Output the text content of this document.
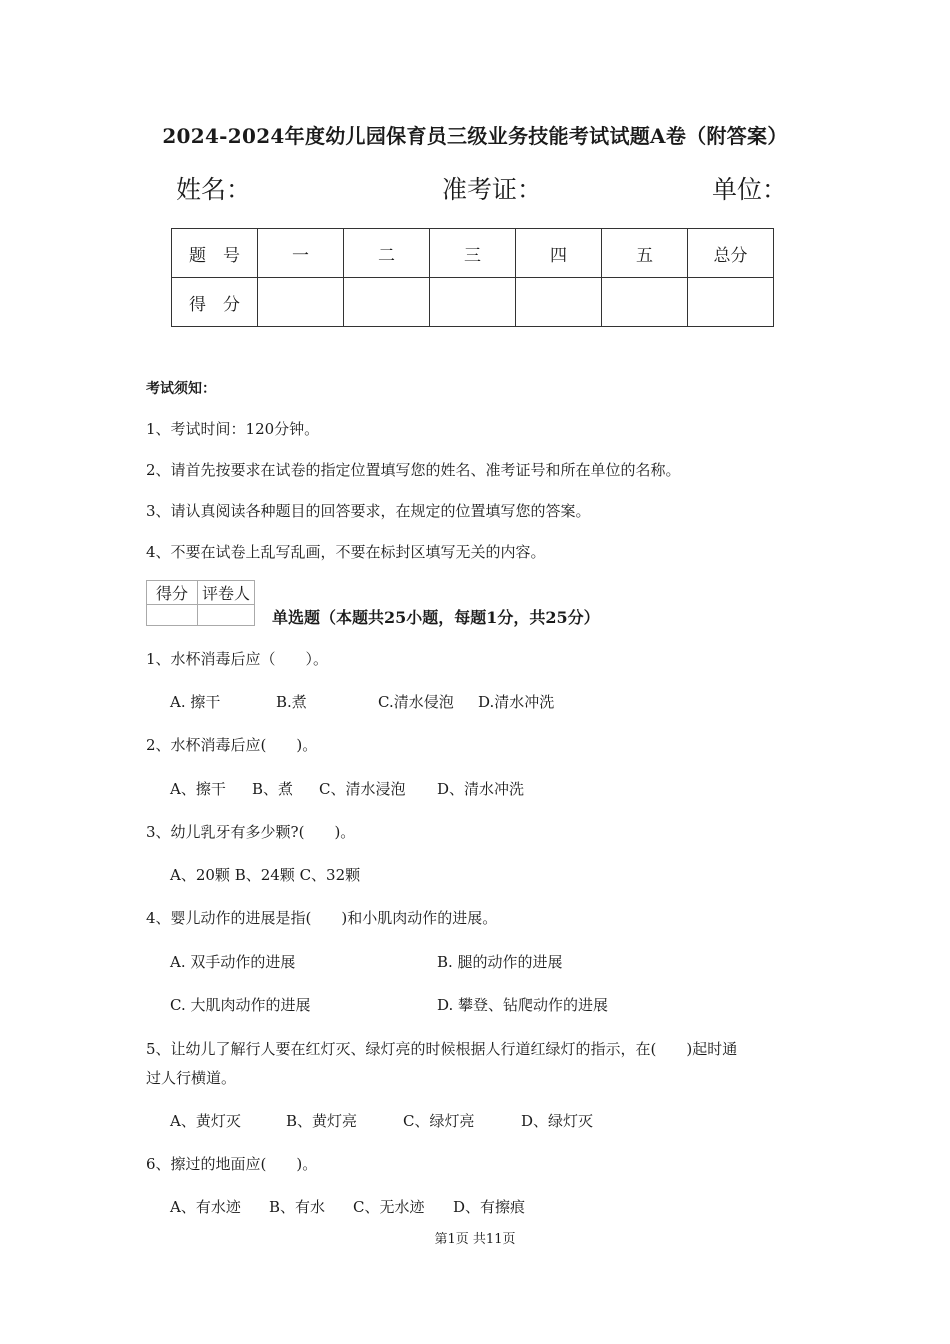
2024-2024年度幼儿园保育员三级业务技能考试试题A卷（附答案）
姓名：	准考证：	单位：
题　号	一	二	三	四	五	总分
得　分						
考试须知：
1、考试时间：120分钟。
2、请首先按要求在试卷的指定位置填写您的姓名、准考证号和所在单位的名称。
3、请认真阅读各种题目的回答要求，在规定的位置填写您的答案。
4、不要在试卷上乱写乱画，不要在标封区填写无关的内容。
得分	评卷人

单选题（本题共25小题，每题1分，共25分）
1、水杯消毒后应（　　）。
A. 擦干	B.煮	C.清水侵泡 D.清水冲洗
2、水杯消毒后应(　　)。
A、擦干 B、煮 C、清水浸泡 D、清水冲洗
3、幼儿乳牙有多少颗?(　　)。
A、20颗 B、24颗 C、32颗
4、婴儿动作的进展是指(　　)和小肌肉动作的进展。
A. 双手动作的进展	B. 腿的动作的进展
C. 大肌肉动作的进展	D. 攀登、钻爬动作的进展
5、让幼儿了解行人要在红灯灭、绿灯亮的时候根据人行道红绿灯的指示，在(　　)起时通
过人行横道。
A、黄灯灭	B、黄灯亮	C、绿灯亮	D、绿灯灭
6、擦过的地面应(　　)。
A、有水迹 B、有水 C、无水迹 D、有擦痕
第1页 共11页
